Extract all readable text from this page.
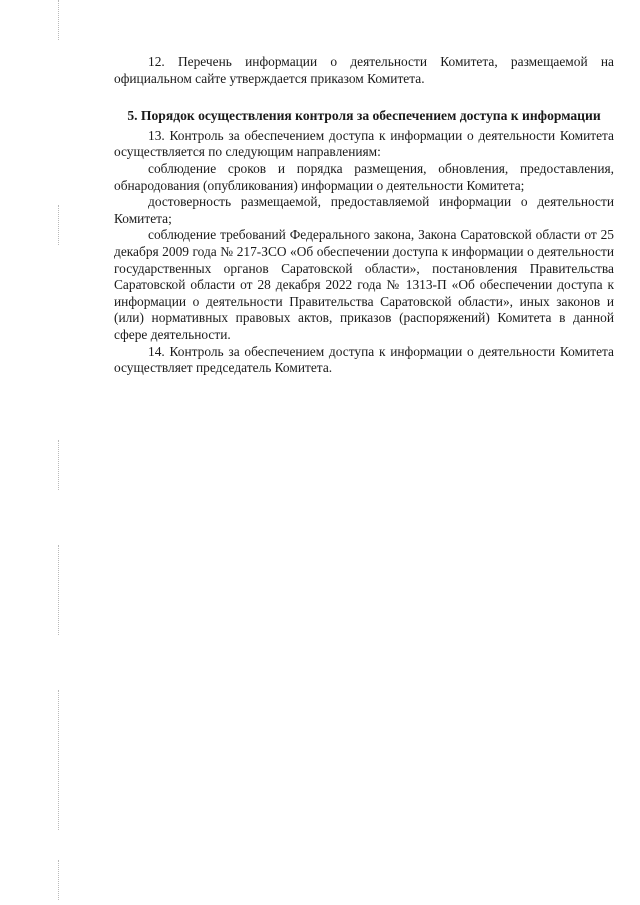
12. Перечень информации о деятельности Комитета, размещаемой на официальном сайте утверждается приказом Комитета.

5. Порядок осуществления контроля за обеспечением доступа к информации

13. Контроль за обеспечением доступа к информации о деятельности Комитета осуществляется по следующим направлениям:

соблюдение сроков и порядка размещения, обновления, предоставления, обнародования (опубликования) информации о деятельности Комитета;

достоверность размещаемой, предоставляемой информации о деятельности Комитета;

соблюдение требований Федерального закона, Закона Саратовской области от 25 декабря 2009 года № 217-ЗСО «Об обеспечении доступа к информации о деятельности государственных органов Саратовской области», постановления Правительства Саратовской области от 28 декабря 2022 года № 1313-П «Об обеспечении доступа к информации о деятельности Правительства Саратовской области», иных законов и (или) нормативных правовых актов, приказов (распоряжений) Комитета в данной сфере деятельности.

14. Контроль за обеспечением доступа к информации о деятельности Комитета осуществляет председатель Комитета.
